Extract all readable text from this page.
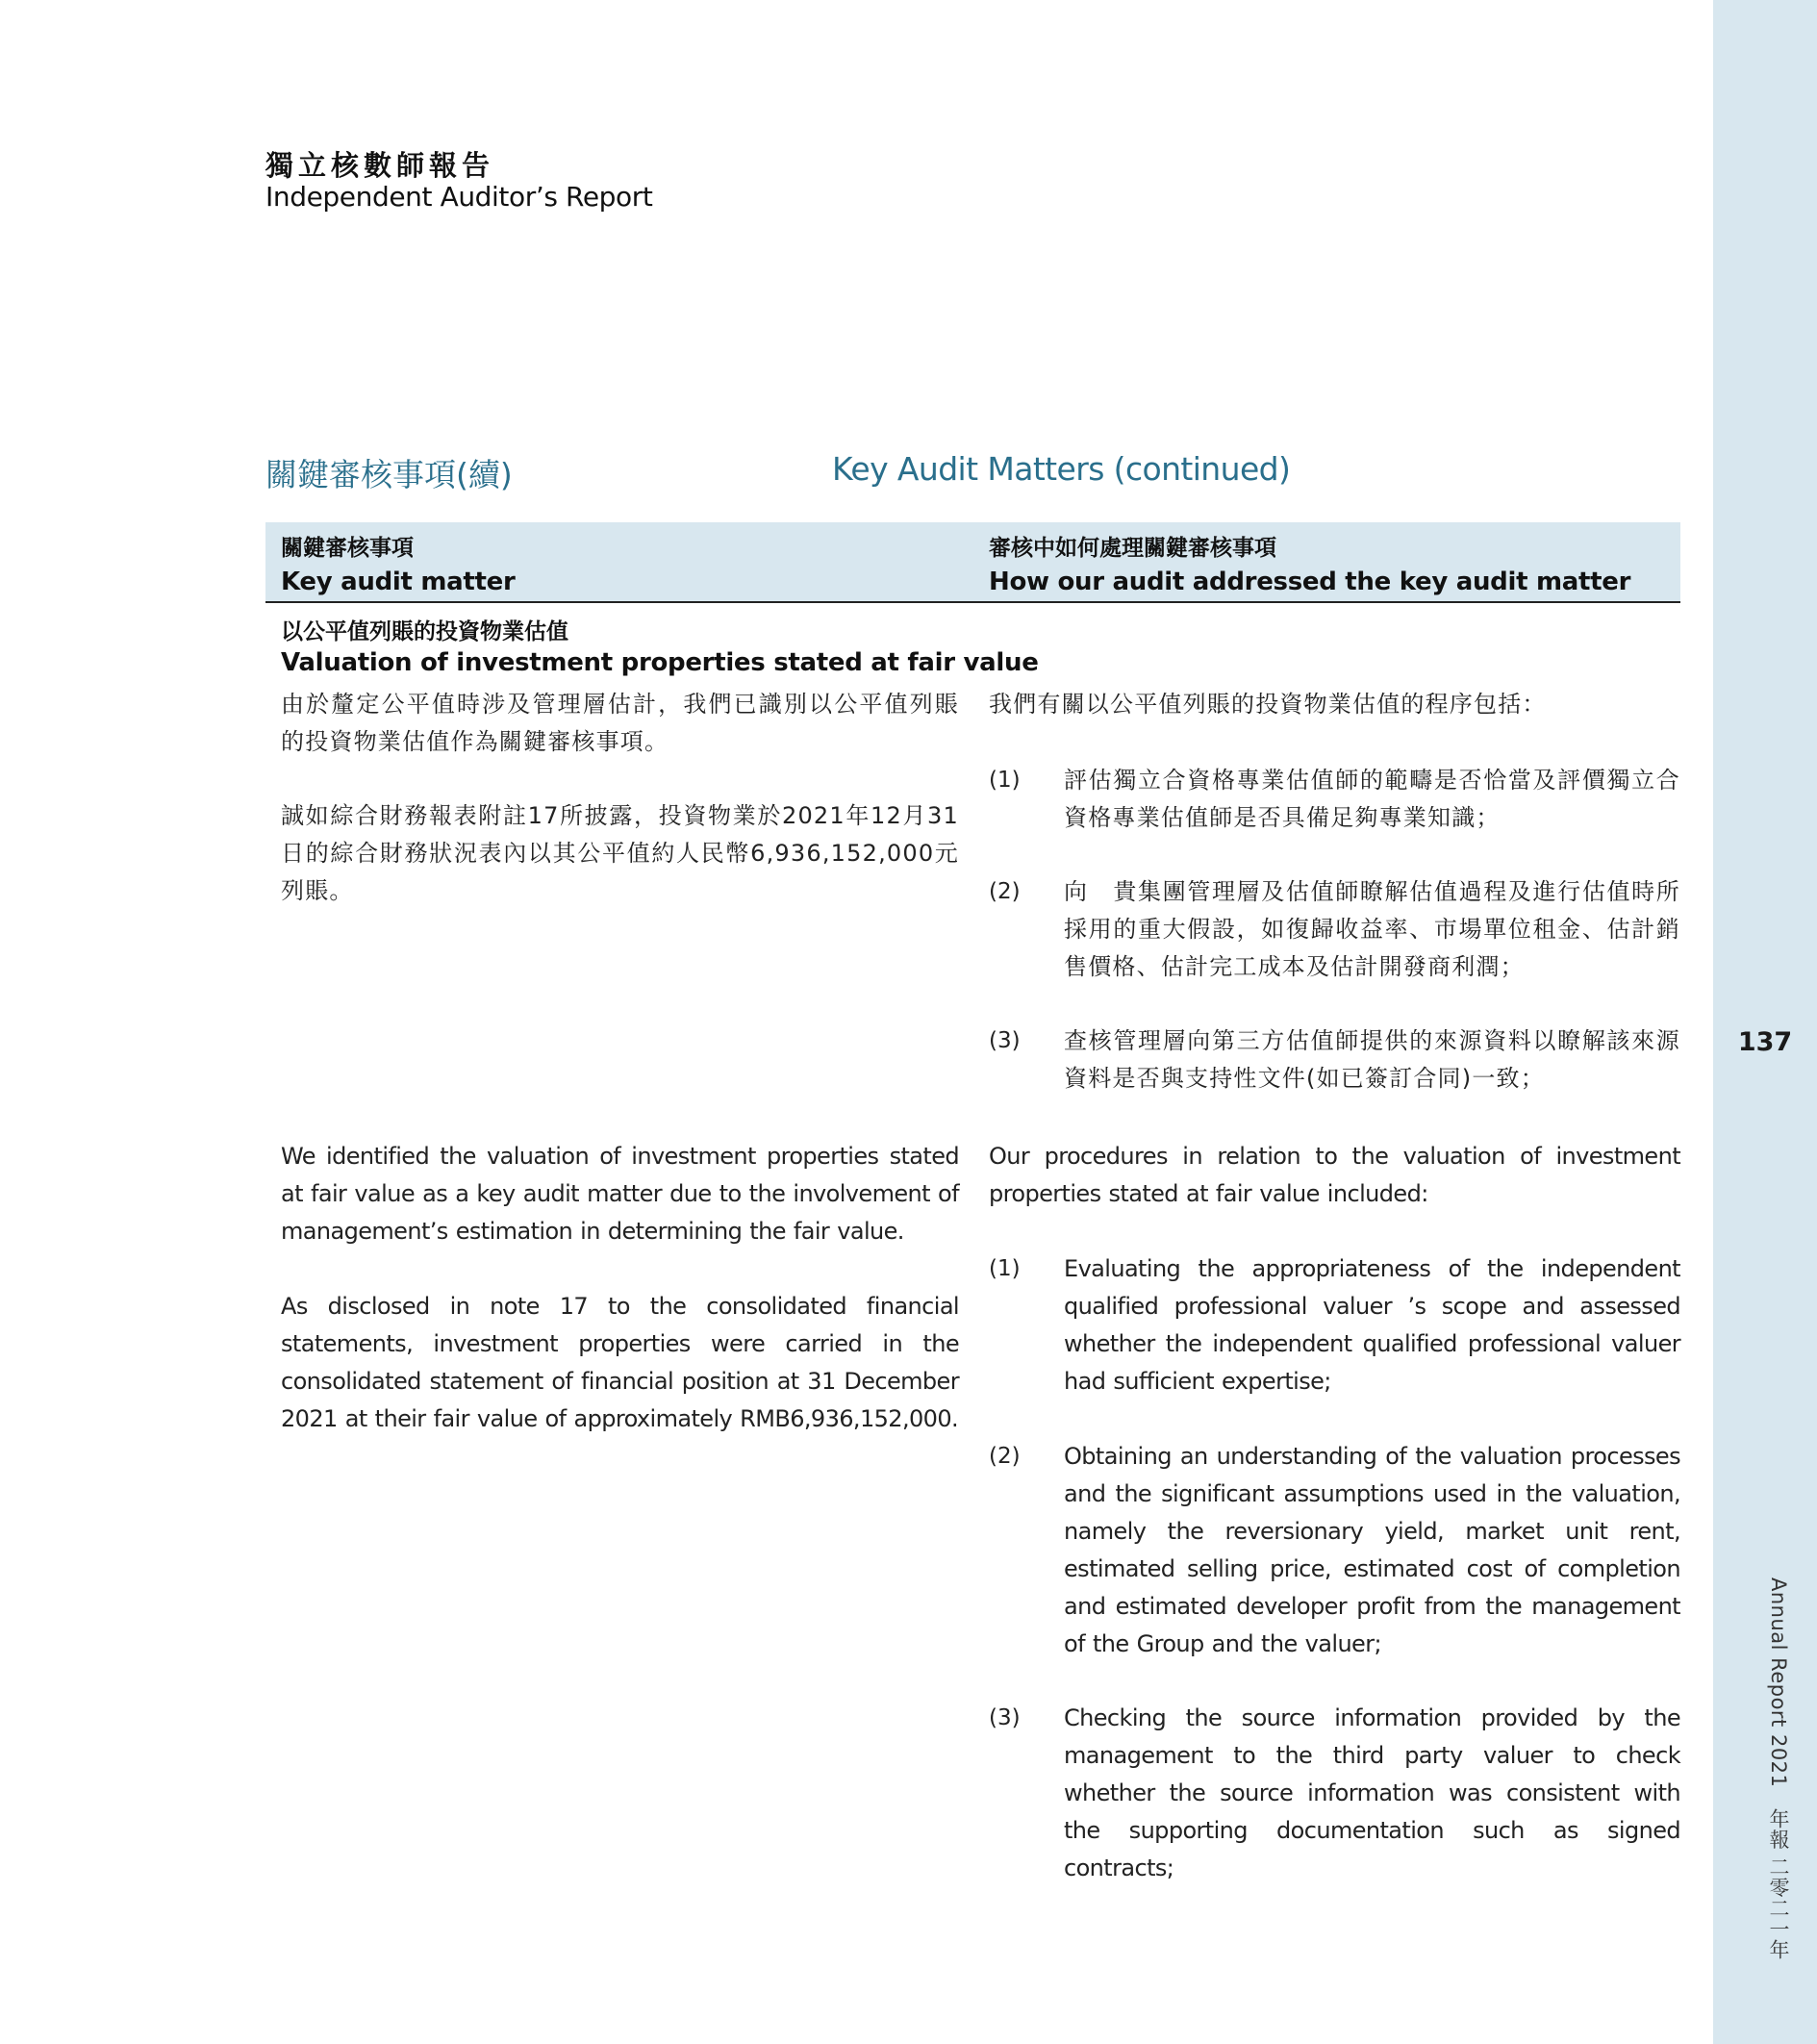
137
Annual Report 2021　年報 二零二一年
獨立核數師報告
Independent Auditor’s Report
關鍵審核事項(續)	Key Audit Matters (continued)
關鍵審核事項
Key audit matter
審核中如何處理關鍵審核事項
How our audit addressed the key audit matter
以公平值列賬的投資物業估值
Valuation of investment properties stated at fair value

由於釐定公平值時涉及管理層估計，我們已識別以公平值列賬的投資物業估值作為關鍵審核事項。

誠如綜合財務報表附註17所披露，投資物業於2021年12月31日的綜合財務狀況表內以其公平值約人民幣6,936,152,000元列賬。

我們有關以公平值列賬的投資物業估值的程序包括：

(1) 評估獨立合資格專業估值師的範疇是否恰當及評價獨立合資格專業估值師是否具備足夠專業知識；

(2) 向　貴集團管理層及估值師瞭解估值過程及進行估值時所採用的重大假設，如復歸收益率、市場單位租金、估計銷售價格、估計完工成本及估計開發商利潤；

(3) 查核管理層向第三方估值師提供的來源資料以瞭解該來源資料是否與支持性文件(如已簽訂合同)一致；

We identified the valuation of investment properties stated at fair value as a key audit matter due to the involvement of management’s estimation in determining the fair value.

As disclosed in note 17 to the consolidated financial statements, investment properties were carried in the consolidated statement of financial position at 31 December 2021 at their fair value of approximately RMB6,936,152,000.

Our procedures in relation to the valuation of investment properties stated at fair value included:

(1) Evaluating the appropriateness of the independent qualified professional valuer ’s scope and assessed whether the independent qualified professional valuer had sufficient expertise;

(2) Obtaining an understanding of the valuation processes and the significant assumptions used in the valuation, namely the reversionary yield, market unit rent, estimated selling price, estimated cost of completion and estimated developer profit from the management of the Group and the valuer;

(3) Checking the source information provided by the management to the third party valuer to check whether the source information was consistent with the supporting documentation such as signed contracts;
